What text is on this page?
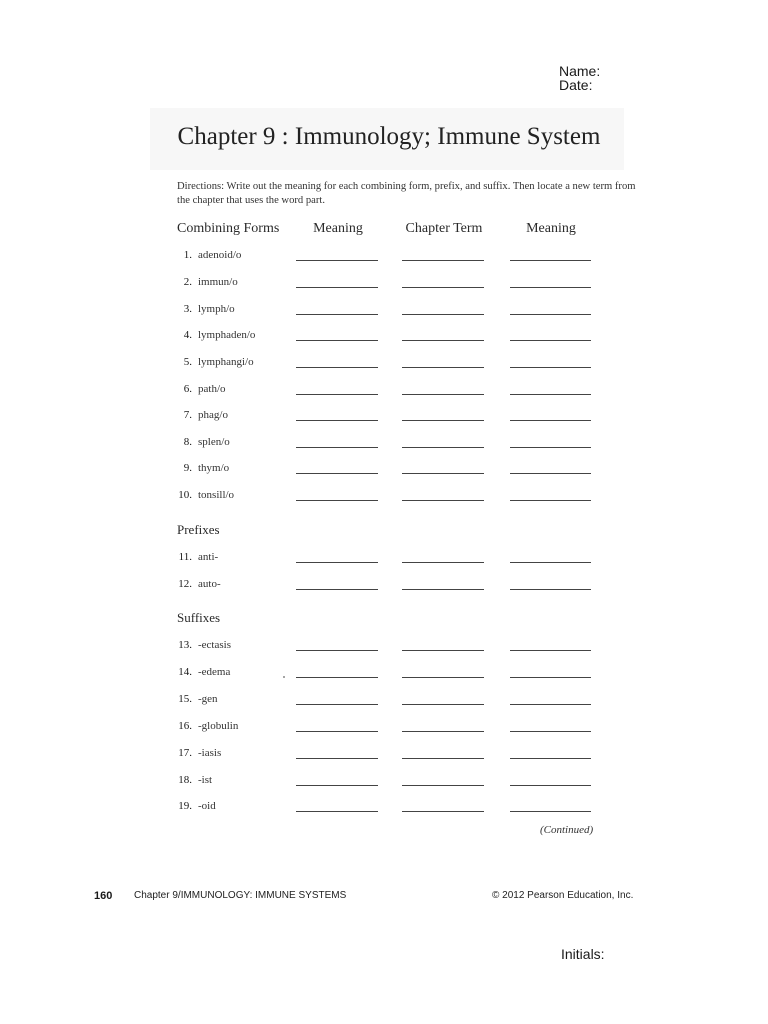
Name:
Date:
Chapter 9 : Immunology; Immune System
Directions: Write out the meaning for each combining form, prefix, and suffix. Then locate a new term from the chapter that uses the word part.
Combining Forms	Meaning	Chapter Term	Meaning
1. adenoid/o
2. immun/o
3. lymph/o
4. lymphaden/o
5. lymphangi/o
6. path/o
7. phag/o
8. splen/o
9. thym/o
10. tonsill/o
Prefixes
11. anti-
12. auto-
Suffixes
13. -ectasis
14. -edema
15. -gen
16. -globulin
17. -iasis
18. -ist
19. -oid
(Continued)
160 Chapter 9/IMMUNOLOGY: IMMUNE SYSTEMS	© 2012 Pearson Education, Inc.
Initials:
